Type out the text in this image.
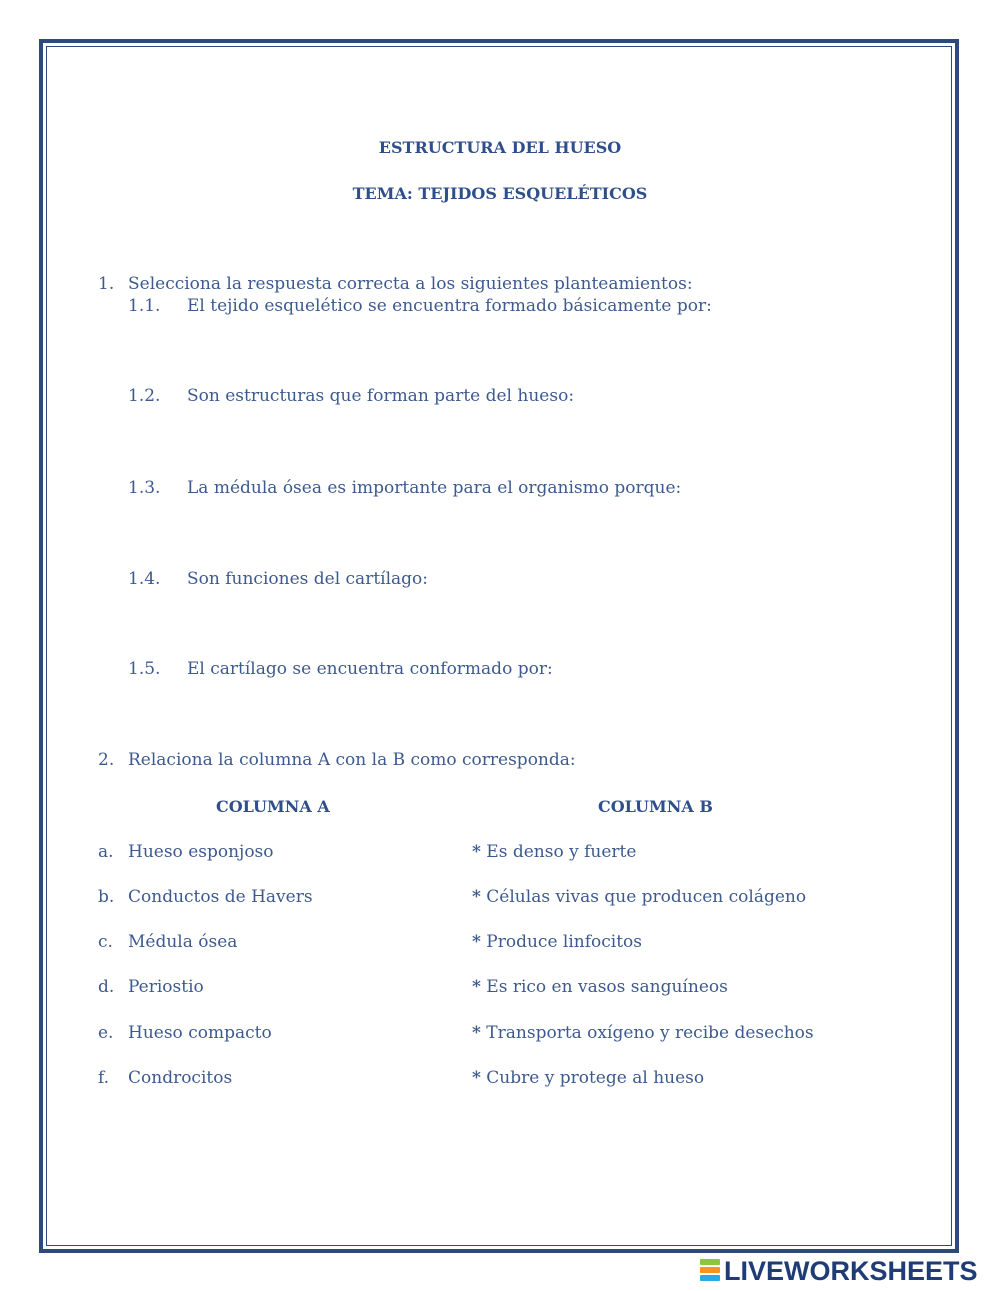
ESTRUCTURA DEL HUESO
TEMA: TEJIDOS ESQUELÉTICOS
1. Selecciona la respuesta correcta a los siguientes planteamientos:
1.1. El tejido esquelético se encuentra formado básicamente por:
1.2. Son estructuras que forman parte del hueso:
1.3. La médula ósea es importante para el organismo porque:
1.4. Son funciones del cartílago:
1.5. El cartílago se encuentra conformado por:
2. Relaciona la columna A con la B como corresponda:
COLUMNA A	COLUMNA B
a. Hueso esponjoso
b. Conductos de Havers
c. Médula ósea
d. Periostio
e. Hueso compacto
f. Condrocitos
* Es denso y fuerte
* Células vivas que producen colágeno
* Produce linfocitos
* Es rico en vasos sanguíneos
* Transporta oxígeno y recibe desechos
* Cubre y protege al hueso
LIVEWORKSHEETS
